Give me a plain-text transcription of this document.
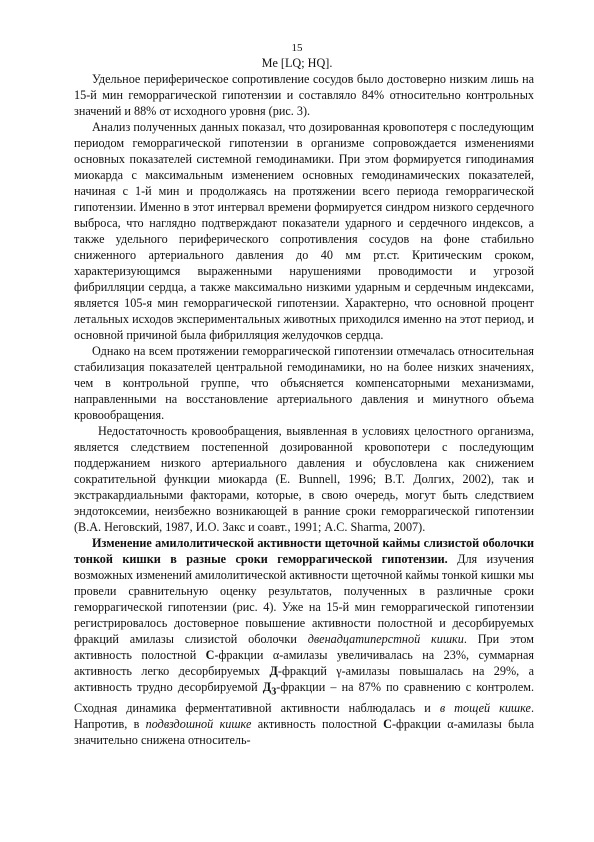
15
Me [LQ; HQ].

Удельное периферическое сопротивление сосудов было достоверно низким лишь на 15-й мин геморрагической гипотензии и составляло 84% относительно контрольных значений и 88% от исходного уровня (рис. 3).

Анализ полученных данных показал, что дозированная кровопотеря с последующим периодом геморрагической гипотензии в организме сопровождается изменениями основных показателей системной гемодинамики. При этом формируется гиподинамия миокарда с максимальным изменением основных гемодинамических показателей, начиная с 1-й мин и продолжаясь на протяжении всего периода геморрагической гипотензии. Именно в этот интервал времени формируется синдром низкого сердечного выброса, что наглядно подтверждают показатели ударного и сердечного индексов, а также удельного периферического сопротивления сосудов на фоне стабильно сниженного артериального давления до 40 мм рт.ст. Критическим сроком, характеризующимся выраженными нарушениями проводимости и угрозой фибрилляции сердца, а также максимально низкими ударным и сердечным индексами, является 105-я мин геморрагической гипотензии. Характерно, что основной процент летальных исходов экспериментальных животных приходился именно на этот период, и основной причиной была фибрилляция желудочков сердца.

Однако на всем протяжении геморрагической гипотензии отмечалась относительная стабилизация показателей центральной гемодинамики, но на более низких значениях, чем в контрольной группе, что объясняется компенсаторными механизмами, направленными на восстановление артериального давления и минутного объема кровообращения.

Недостаточность кровообращения, выявленная в условиях целостного организма, является следствием постепенной дозированной кровопотери с последующим поддержанием низкого артериального давления и обусловлена как снижением сократительной функции миокарда (E. Bunnell, 1996; В.Т. Долгих, 2002), так и экстракардиальными факторами, которые, в свою очередь, могут быть следствием эндотоксемии, неизбежно возникающей в ранние сроки геморрагической гипотензии (В.А. Неговский, 1987, И.О. Закс и соавт., 1991; A.C. Sharma, 2007).

Изменение амилолитической активности щеточной каймы слизистой оболочки тонкой кишки в разные сроки геморрагической гипотензии. Для изучения возможных изменений амилолитической активности щеточной каймы тонкой кишки мы провели сравнительную оценку результатов, полученных в различные сроки геморрагической гипотензии (рис. 4). Уже на 15-й мин геморрагической гипотензии регистрировалось достоверное повышение активности полостной и десорбируемых фракций амилазы слизистой оболочки двенадцатиперстной кишки. При этом активность полостной С-фракции α-амилазы увеличивалась на 23%, суммарная активность легко десорбируемых Д-фракций γ-амилазы повышалась на 29%, а активность трудно десорбируемой $Д_3$-фракции – на 87% по сравнению с контролем. Сходная динамика ферментативной активности наблюдалась и в тощей кишке. Напротив, в подвздошной кишке активность полостной С-фракции α-амилазы была значительно снижена относитель-
